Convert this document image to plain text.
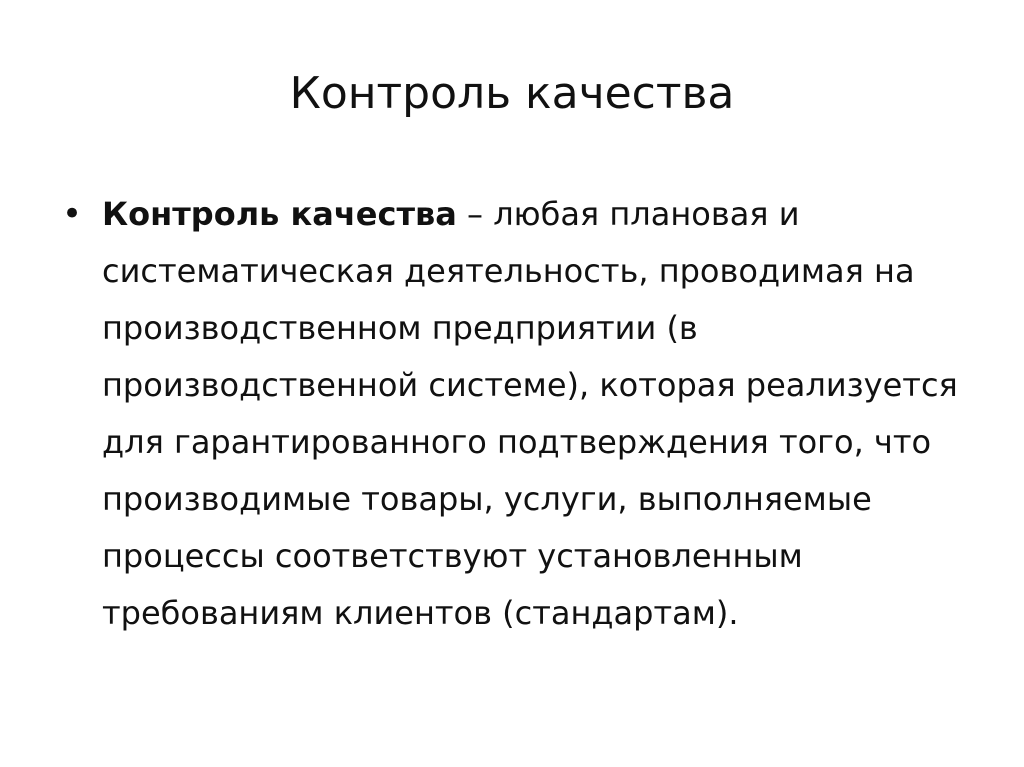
Контроль качества
• Контроль качества – любая плановая и систематическая деятельность, проводимая на производственном предприятии (в производственной системе), которая реализуется для гарантированного подтверждения того, что производимые товары, услуги, выполняемые процессы соответствуют установленным требованиям клиентов (стандартам).
